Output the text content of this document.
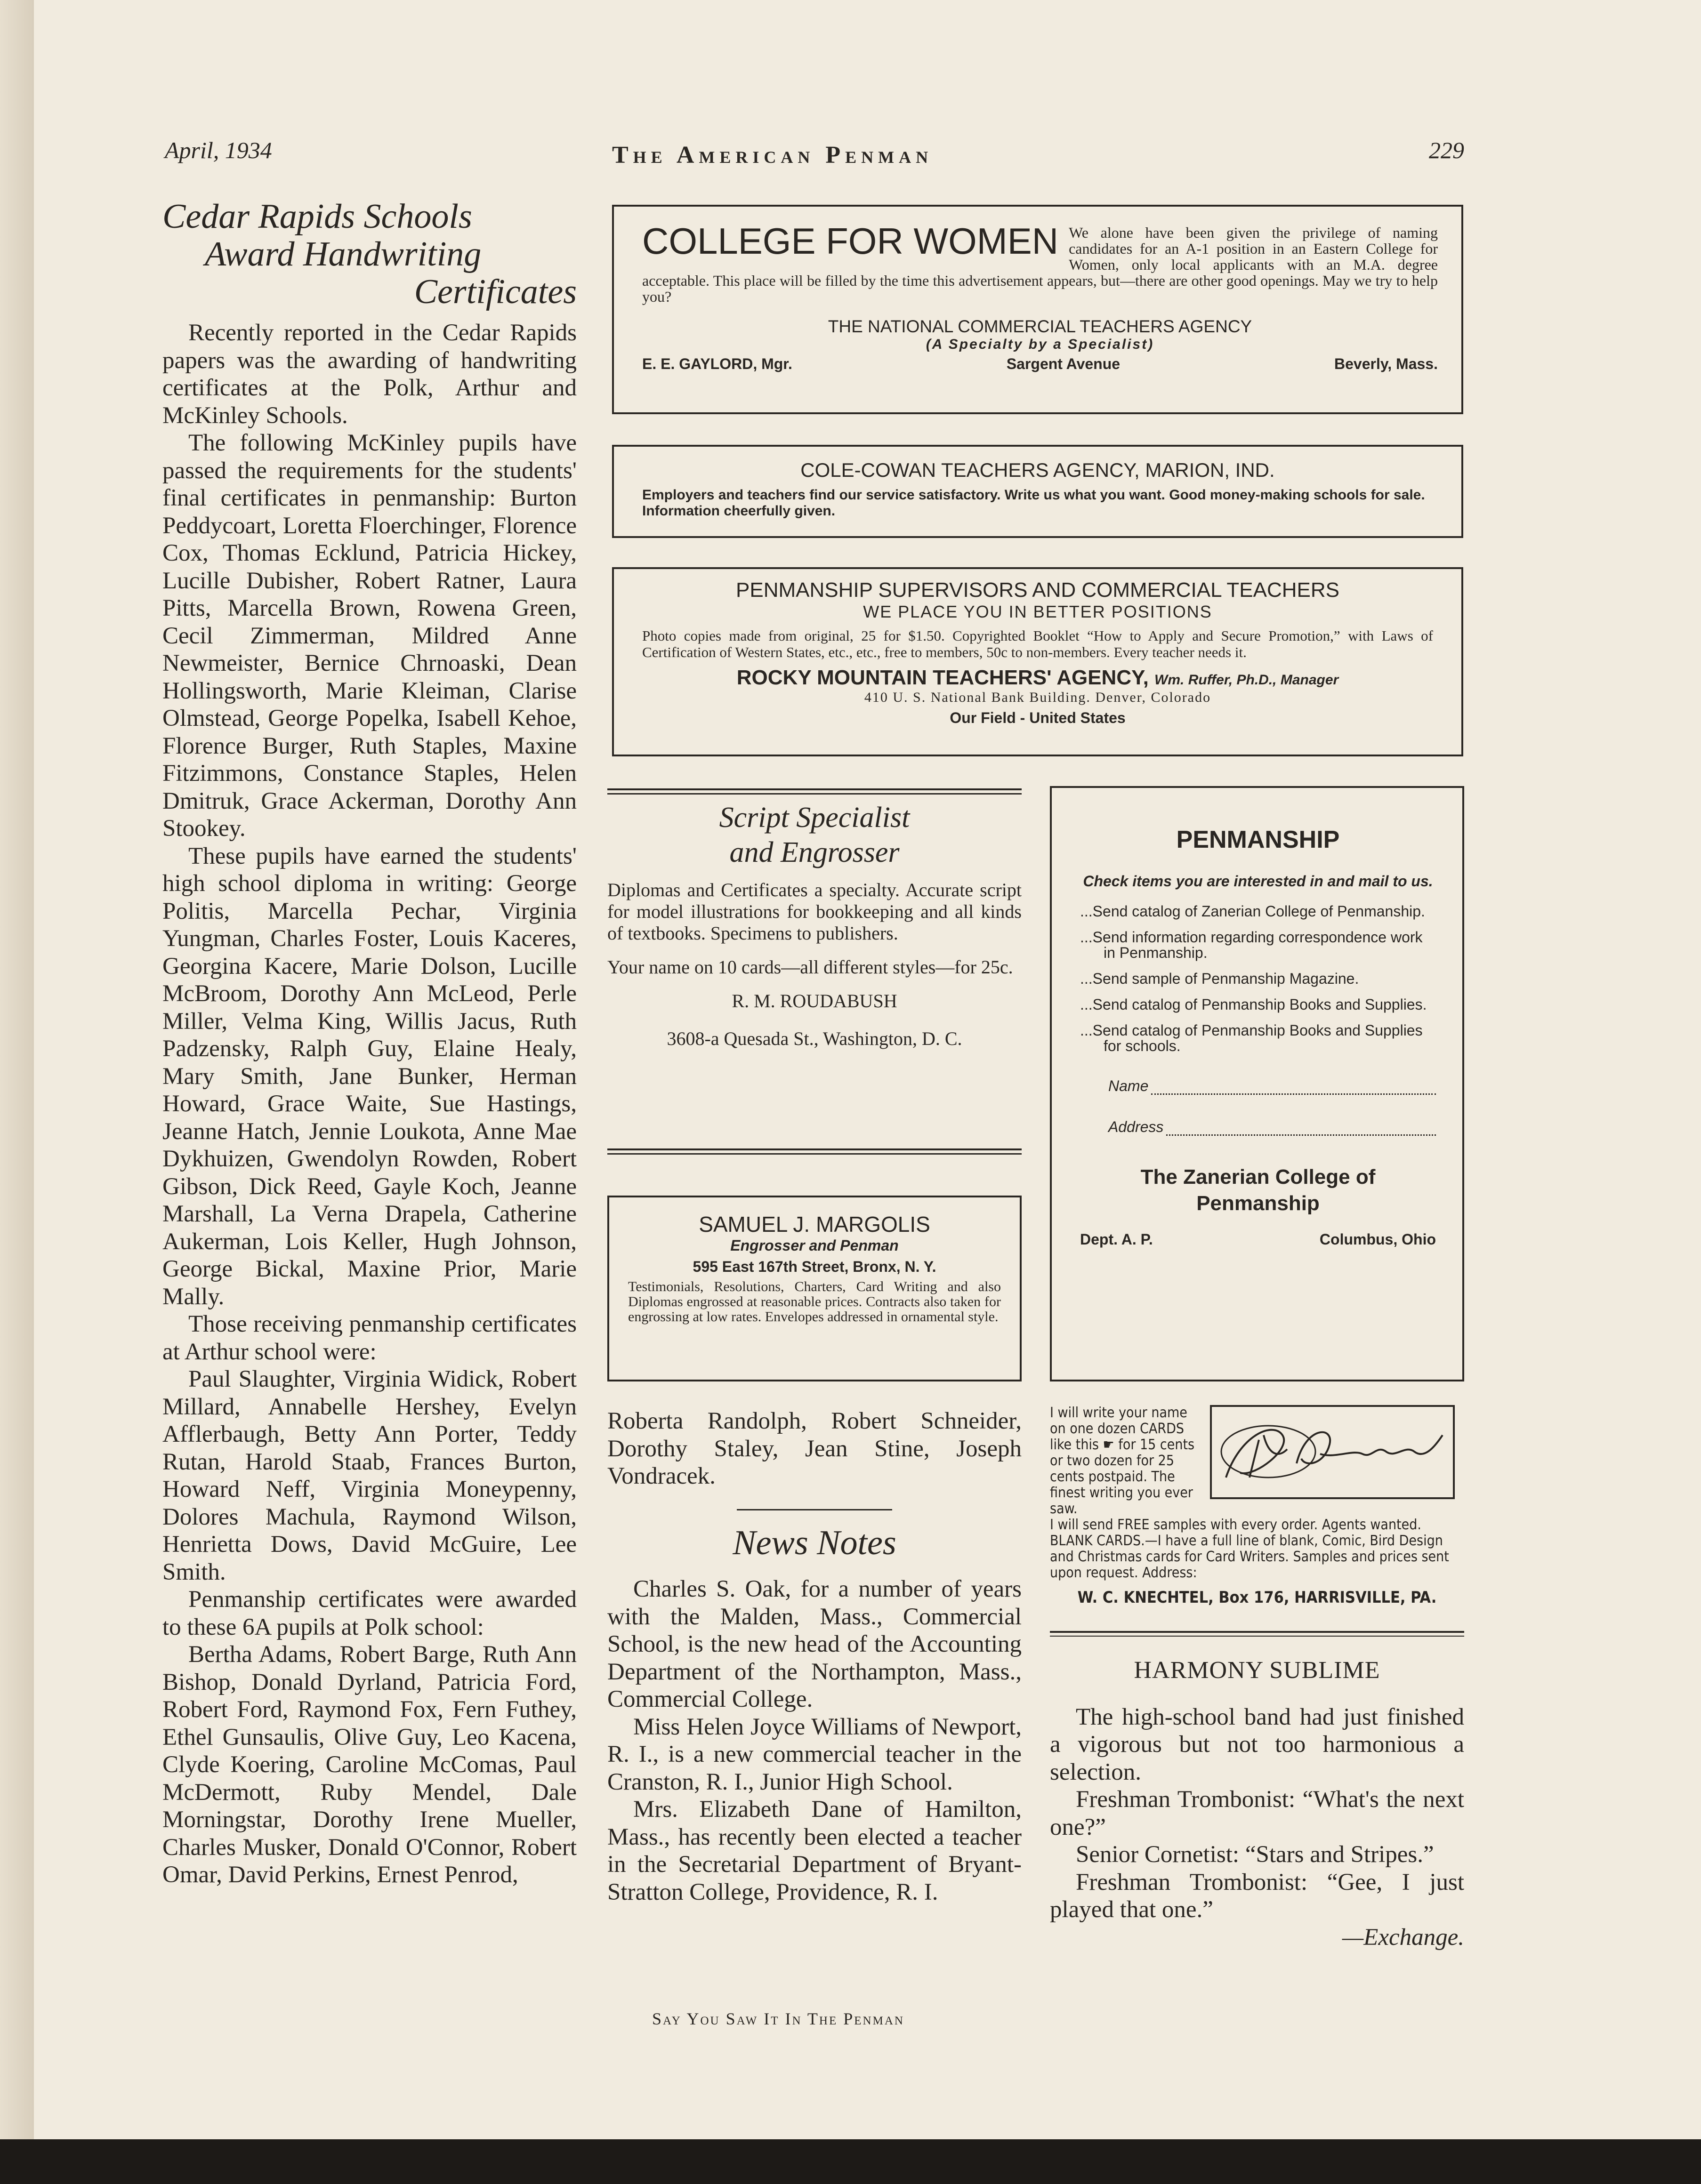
April, 1934	The American Penman	229
Cedar Rapids Schools
Award Handwriting
Certificates

Recently reported in the Cedar Rapids papers was the awarding of handwriting certificates at the Polk, Arthur and McKinley Schools.

The following McKinley pupils have passed the requirements for the students' final certificates in penmanship: Burton Peddycoart, Loretta Floerchinger, Florence Cox, Thomas Ecklund, Patricia Hickey, Lucille Dubisher, Robert Ratner, Laura Pitts, Marcella Brown, Rowena Green, Cecil Zimmerman, Mildred Anne Newmeister, Bernice Chrnoaski, Dean Hollingsworth, Marie Kleiman, Clarise Olmstead, George Popelka, Isabell Kehoe, Florence Burger, Ruth Staples, Maxine Fitzimmons, Constance Staples, Helen Dmitruk, Grace Ackerman, Dorothy Ann Stookey.

These pupils have earned the students' high school diploma in writing: George Politis, Marcella Pechar, Virginia Yungman, Charles Foster, Louis Kaceres, Georgina Kacere, Marie Dolson, Lucille McBroom, Dorothy Ann McLeod, Perle Miller, Velma King, Willis Jacus, Ruth Padzensky, Ralph Guy, Elaine Healy, Mary Smith, Jane Bunker, Herman Howard, Grace Waite, Sue Hastings, Jeanne Hatch, Jennie Loukota, Anne Mae Dykhuizen, Gwendolyn Rowden, Robert Gibson, Dick Reed, Gayle Koch, Jeanne Marshall, La Verna Drapela, Catherine Aukerman, Lois Keller, Hugh Johnson, George Bickal, Maxine Prior, Marie Mally.

Those receiving penmanship certificates at Arthur school were:

Paul Slaughter, Virginia Widick, Robert Millard, Annabelle Hershey, Evelyn Afflerbaugh, Betty Ann Porter, Teddy Rutan, Harold Staab, Frances Burton, Howard Neff, Virginia Moneypenny, Dolores Machula, Raymond Wilson, Henrietta Dows, David McGuire, Lee Smith.

Penmanship certificates were awarded to these 6A pupils at Polk school:

Bertha Adams, Robert Barge, Ruth Ann Bishop, Donald Dyrland, Patricia Ford, Robert Ford, Raymond Fox, Fern Futhey, Ethel Gunsaulis, Olive Guy, Leo Kacena, Clyde Koering, Caroline McComas, Paul McDermott, Ruby Mendel, Dale Morningstar, Dorothy Irene Mueller, Charles Musker, Donald O'Connor, Robert Omar, David Perkins, Ernest Penrod,

COLLEGE FOR WOMEN We alone have been given the privilege of naming candidates for an A-1 position in an Eastern College for Women, only local applicants with an M.A. degree acceptable. This place will be filled by the time this advertisement appears, but—there are other good openings. May we try to help you?
THE NATIONAL COMMERCIAL TEACHERS AGENCY
(A Specialty by a Specialist)
E. E. GAYLORD, Mgr.	Sargent Avenue	Beverly, Mass.
COLE-COWAN TEACHERS AGENCY, MARION, IND.
Employers and teachers find our service satisfactory. Write us what you want. Good money-making schools for sale. Information cheerfully given.
PENMANSHIP SUPERVISORS AND COMMERCIAL TEACHERS
WE PLACE YOU IN BETTER POSITIONS
Photo copies made from original, 25 for $1.50. Copyrighted Booklet “How to Apply and Secure Promotion,” with Laws of Certification of Western States, etc., etc., free to members, 50c to non-members. Every teacher needs it.
ROCKY MOUNTAIN TEACHERS' AGENCY, Wm. Ruffer, Ph.D., Manager
410 U. S. National Bank Building. Denver, Colorado
Our Field - United States
Script Specialist
and Engrosser

Diplomas and Certificates a specialty. Accurate script for model illustrations for bookkeeping and all kinds of textbooks. Specimens to publishers.

Your name on 10 cards—all different styles—for 25c.

R. M. ROUDABUSH

3608-a Quesada St., Washington, D. C.

SAMUEL J. MARGOLIS
Engrosser and Penman
595 East 167th Street, Bronx, N. Y.
Testimonials, Resolutions, Charters, Card Writing and also Diplomas engrossed at reasonable prices. Contracts also taken for engrossing at low rates. Envelopes addressed in ornamental style.
PENMANSHIP
Check items you are interested in and mail to us.
...Send catalog of Zanerian College of Penmanship.
...Send information regarding correspondence work in Penmanship.
...Send sample of Penmanship Magazine.
...Send catalog of Penmanship Books and Supplies.
...Send catalog of Penmanship Books and Supplies for schools.
Name
Address
The Zanerian College of Penmanship
Dept. A. P.	Columbus, Ohio

Roberta Randolph, Robert Schneider, Dorothy Staley, Jean Stine, Joseph Vondracek.

News Notes

Charles S. Oak, for a number of years with the Malden, Mass., Commercial School, is the new head of the Accounting Department of the Northampton, Mass., Commercial College.

Miss Helen Joyce Williams of Newport, R. I., is a new commercial teacher in the Cranston, R. I., Junior High School.

Mrs. Elizabeth Dane of Hamilton, Mass., has recently been elected a teacher in the Secretarial Department of Bryant-Stratton College, Providence, R. I.

I will write your name on one dozen CARDS like this ☛ for 15 cents or two dozen for 25 cents postpaid. The finest writing you ever saw.
I will send FREE samples with every order. Agents wanted. BLANK CARDS.—I have a full line of blank, Comic, Bird Design and Christmas cards for Card Writers. Samples and prices sent upon request. Address:
W. C. KNECHTEL, Box 176, HARRISVILLE, PA.
HARMONY SUBLIME

The high-school band had just finished a vigorous but not too harmonious a selection.

Freshman Trombonist: “What's the next one?”

Senior Cornetist: “Stars and Stripes.”

Freshman Trombonist: “Gee, I just played that one.”

—Exchange.

Say You Saw It In The Penman
